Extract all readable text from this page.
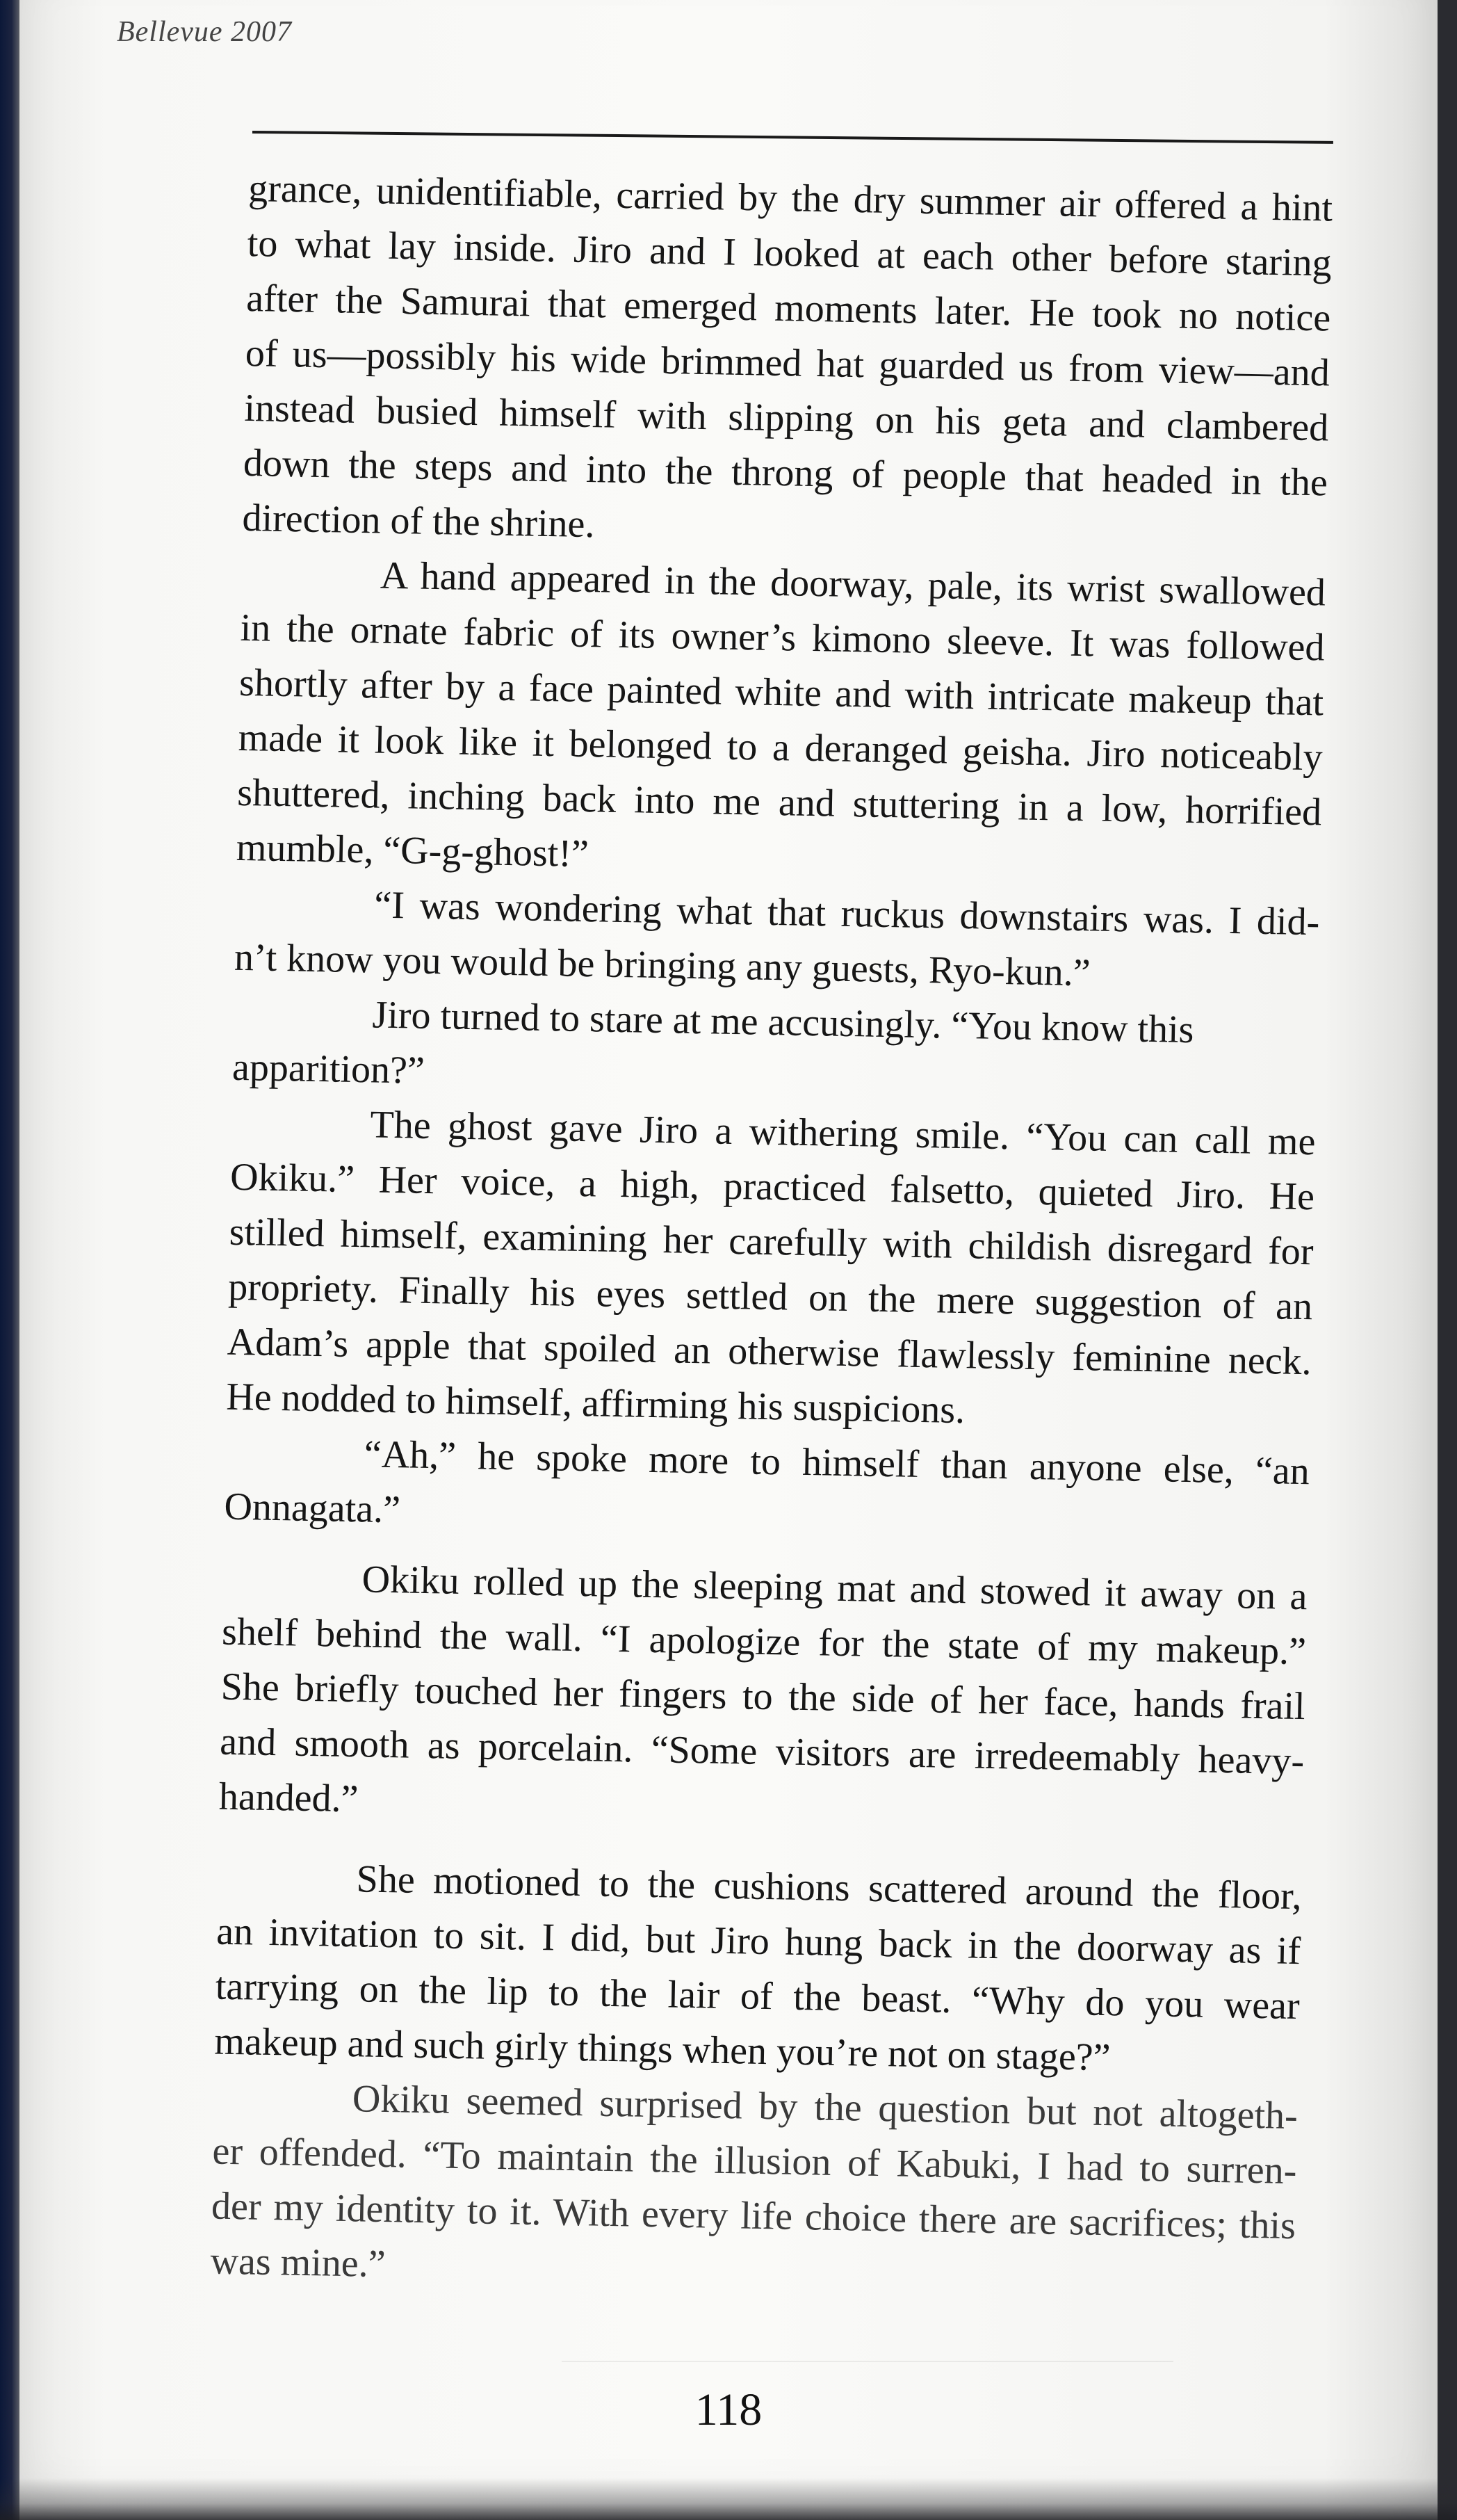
Bellevue 2007
grance, unidentifiable, carried by the dry summer air offered a hint
to what lay inside. Jiro and I looked at each other before staring
after the Samurai that emerged moments later. He took no notice
of us—possibly his wide brimmed hat guarded us from view—and
instead busied himself with slipping on his geta and clambered
down the steps and into the throng of people that headed in the
direction of the shrine.
A hand appeared in the doorway, pale, its wrist swallowed
in the ornate fabric of its owner’s kimono sleeve. It was followed
shortly after by a face painted white and with intricate makeup that
made it look like it belonged to a deranged geisha. Jiro noticeably
shuttered, inching back into me and stuttering in a low, horrified
mumble, “G-g-ghost!”
“I was wondering what that ruckus downstairs was. I did-
n’t know you would be bringing any guests, Ryo-kun.”
Jiro turned to stare at me accusingly. “You know this
apparition?”
The ghost gave Jiro a withering smile. “You can call me
Okiku.” Her voice, a high, practiced falsetto, quieted Jiro. He
stilled himself, examining her carefully with childish disregard for
propriety. Finally his eyes settled on the mere suggestion of an
Adam’s apple that spoiled an otherwise flawlessly feminine neck.
He nodded to himself, affirming his suspicions.
“Ah,” he spoke more to himself than anyone else, “an
Onnagata.”
Okiku rolled up the sleeping mat and stowed it away on a
shelf behind the wall. “I apologize for the state of my makeup.”
She briefly touched her fingers to the side of her face, hands frail
and smooth as porcelain. “Some visitors are irredeemably heavy-
handed.”
She motioned to the cushions scattered around the floor,
an invitation to sit. I did, but Jiro hung back in the doorway as if
tarrying on the lip to the lair of the beast. “Why do you wear
makeup and such girly things when you’re not on stage?”
Okiku seemed surprised by the question but not altogeth-
er offended. “To maintain the illusion of Kabuki, I had to surren-
der my identity to it. With every life choice there are sacrifices; this
was mine.”
118
